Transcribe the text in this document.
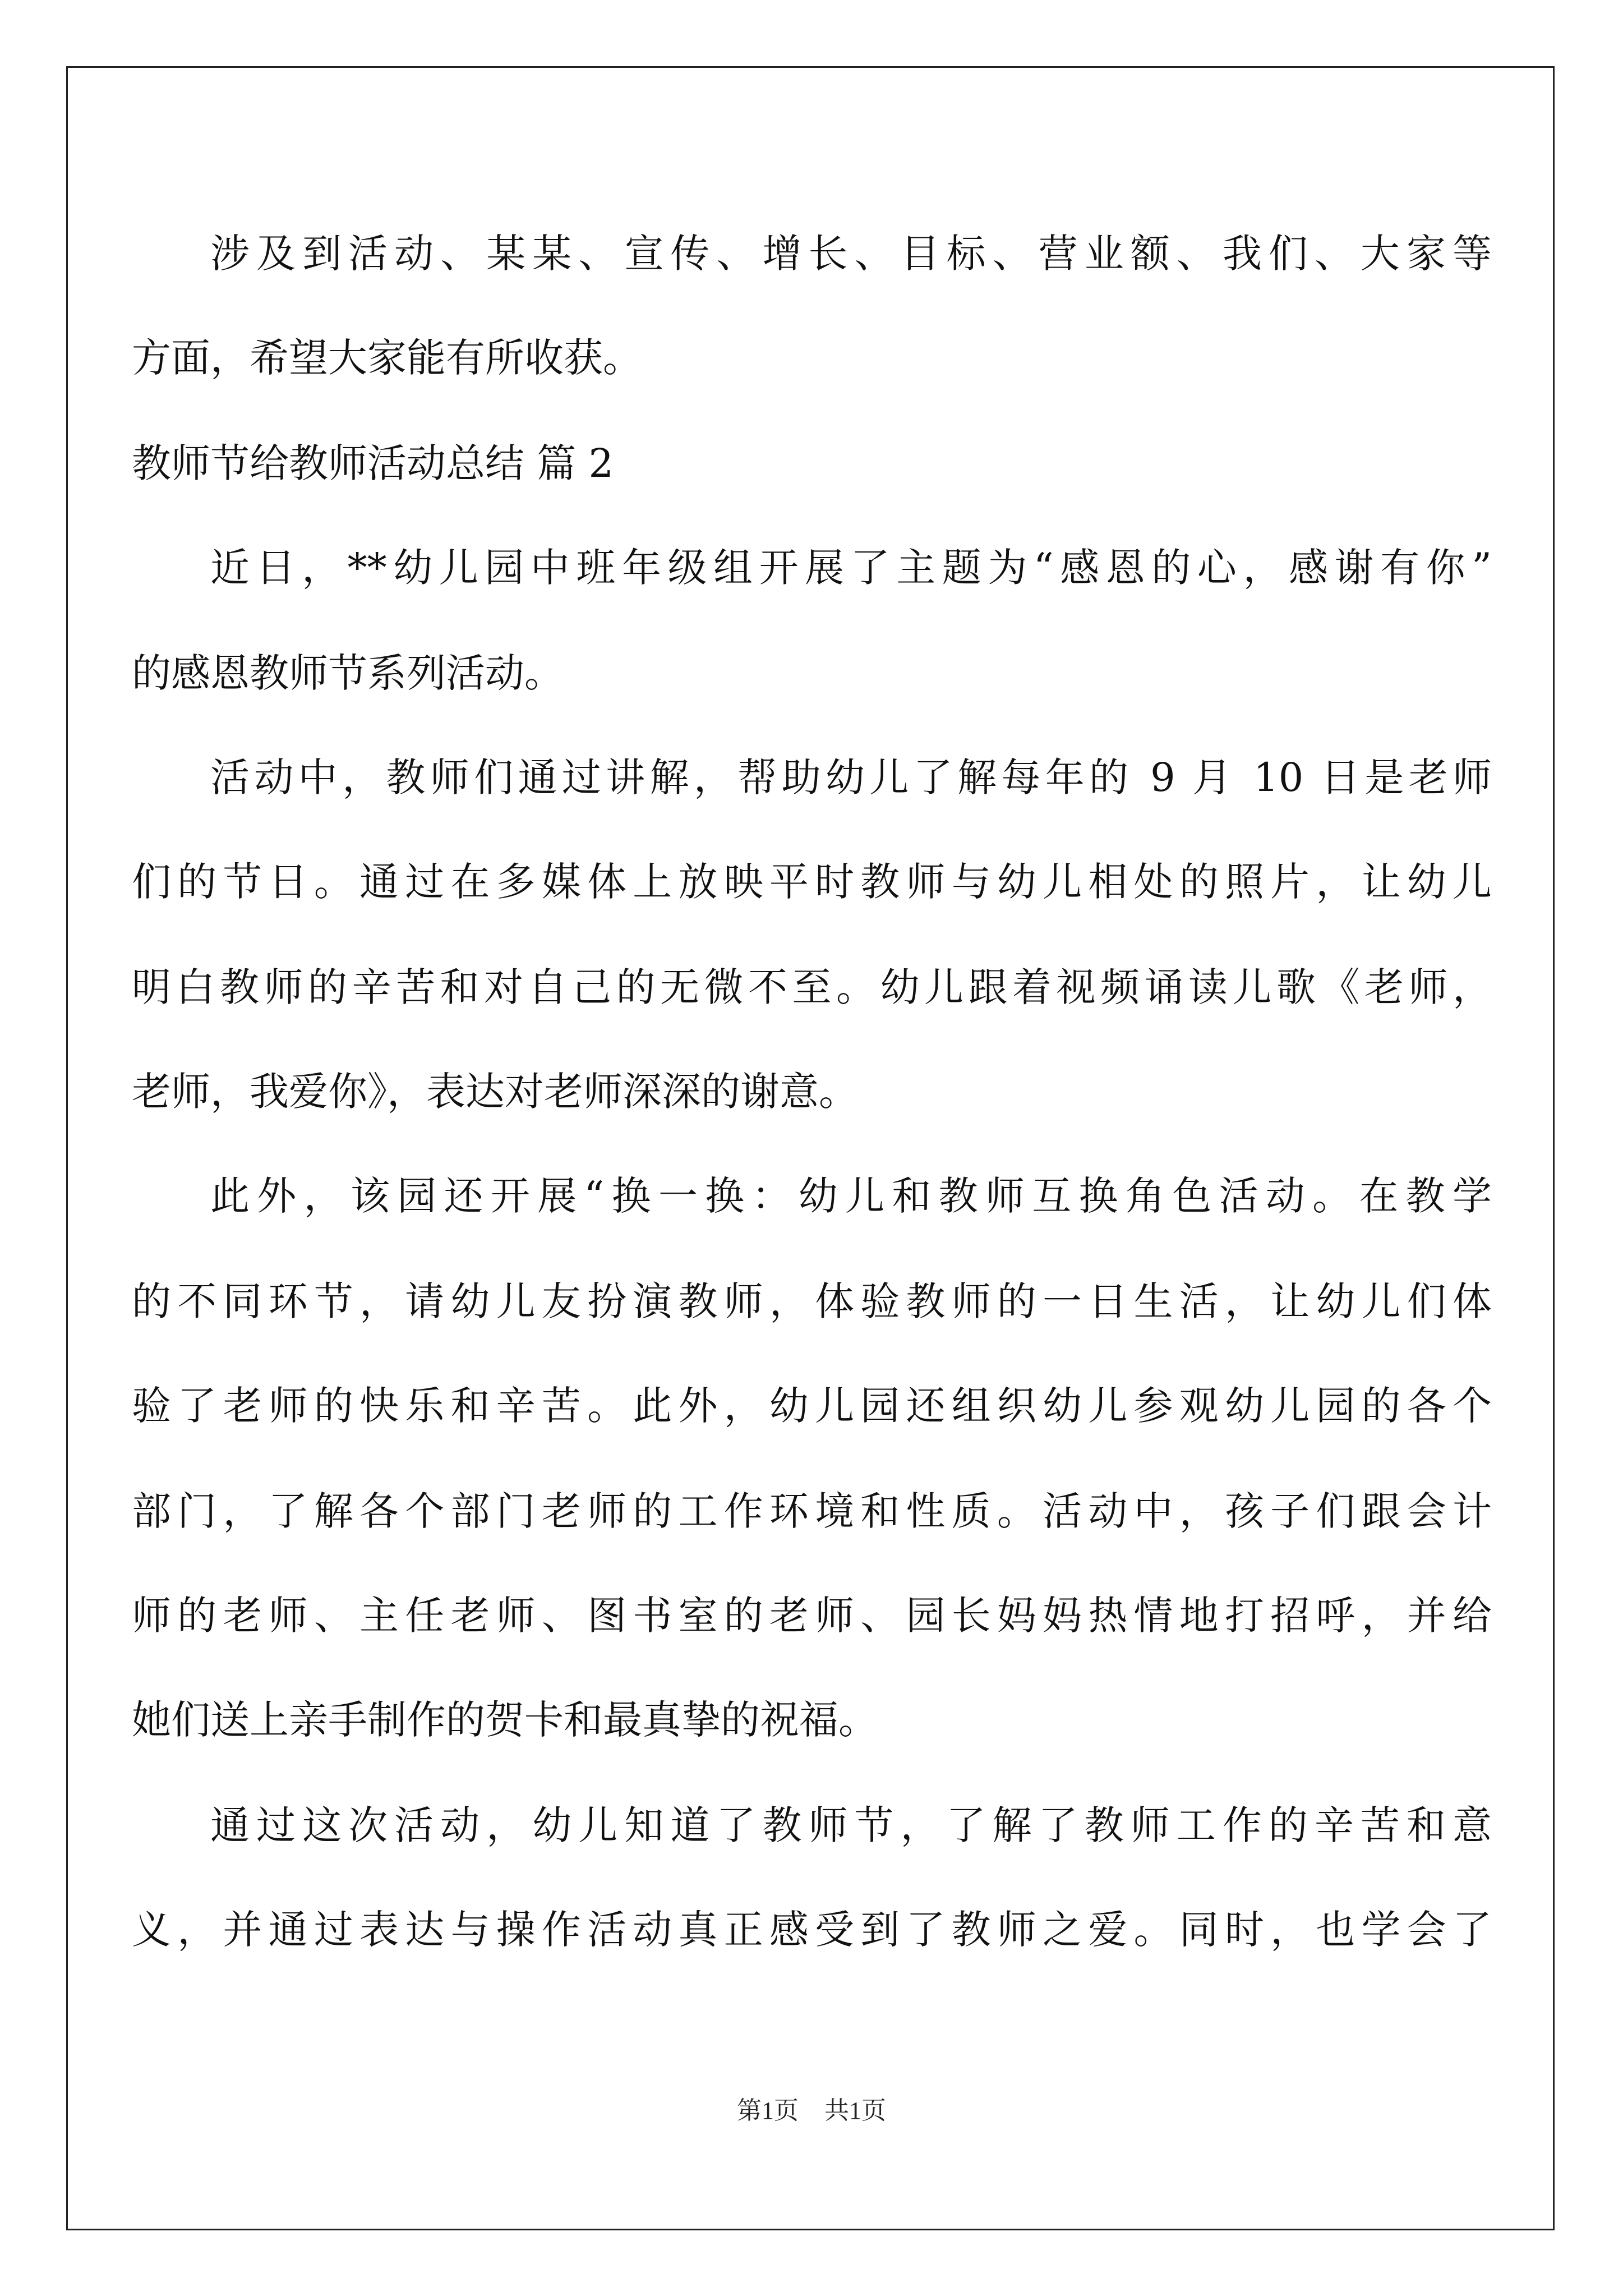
涉及到活动、某某、宣传、增长、目标、营业额、我们、大家等
方面，希望大家能有所收获。
教师节给教师活动总结 篇 2
近日，**幼儿园中班年级组开展了主题为“感恩的心，感谢有你”
的感恩教师节系列活动。
活动中，教师们通过讲解，帮助幼儿了解每年的 9 月 10 日是老师
们的节日。通过在多媒体上放映平时教师与幼儿相处的照片，让幼儿
明白教师的辛苦和对自己的无微不至。幼儿跟着视频诵读儿歌《老师，
老师，我爱你》，表达对老师深深的谢意。
此外，该园还开展“换一换：幼儿和教师互换角色活动。在教学
的不同环节，请幼儿友扮演教师，体验教师的一日生活，让幼儿们体
验了老师的快乐和辛苦。此外，幼儿园还组织幼儿参观幼儿园的各个
部门，了解各个部门老师的工作环境和性质。活动中，孩子们跟会计
师的老师、主任老师、图书室的老师、园长妈妈热情地打招呼，并给
她们送上亲手制作的贺卡和最真挚的祝福。
通过这次活动，幼儿知道了教师节，了解了教师工作的辛苦和意
义，并通过表达与操作活动真正感受到了教师之爱。同时，也学会了
第1页 共1页
